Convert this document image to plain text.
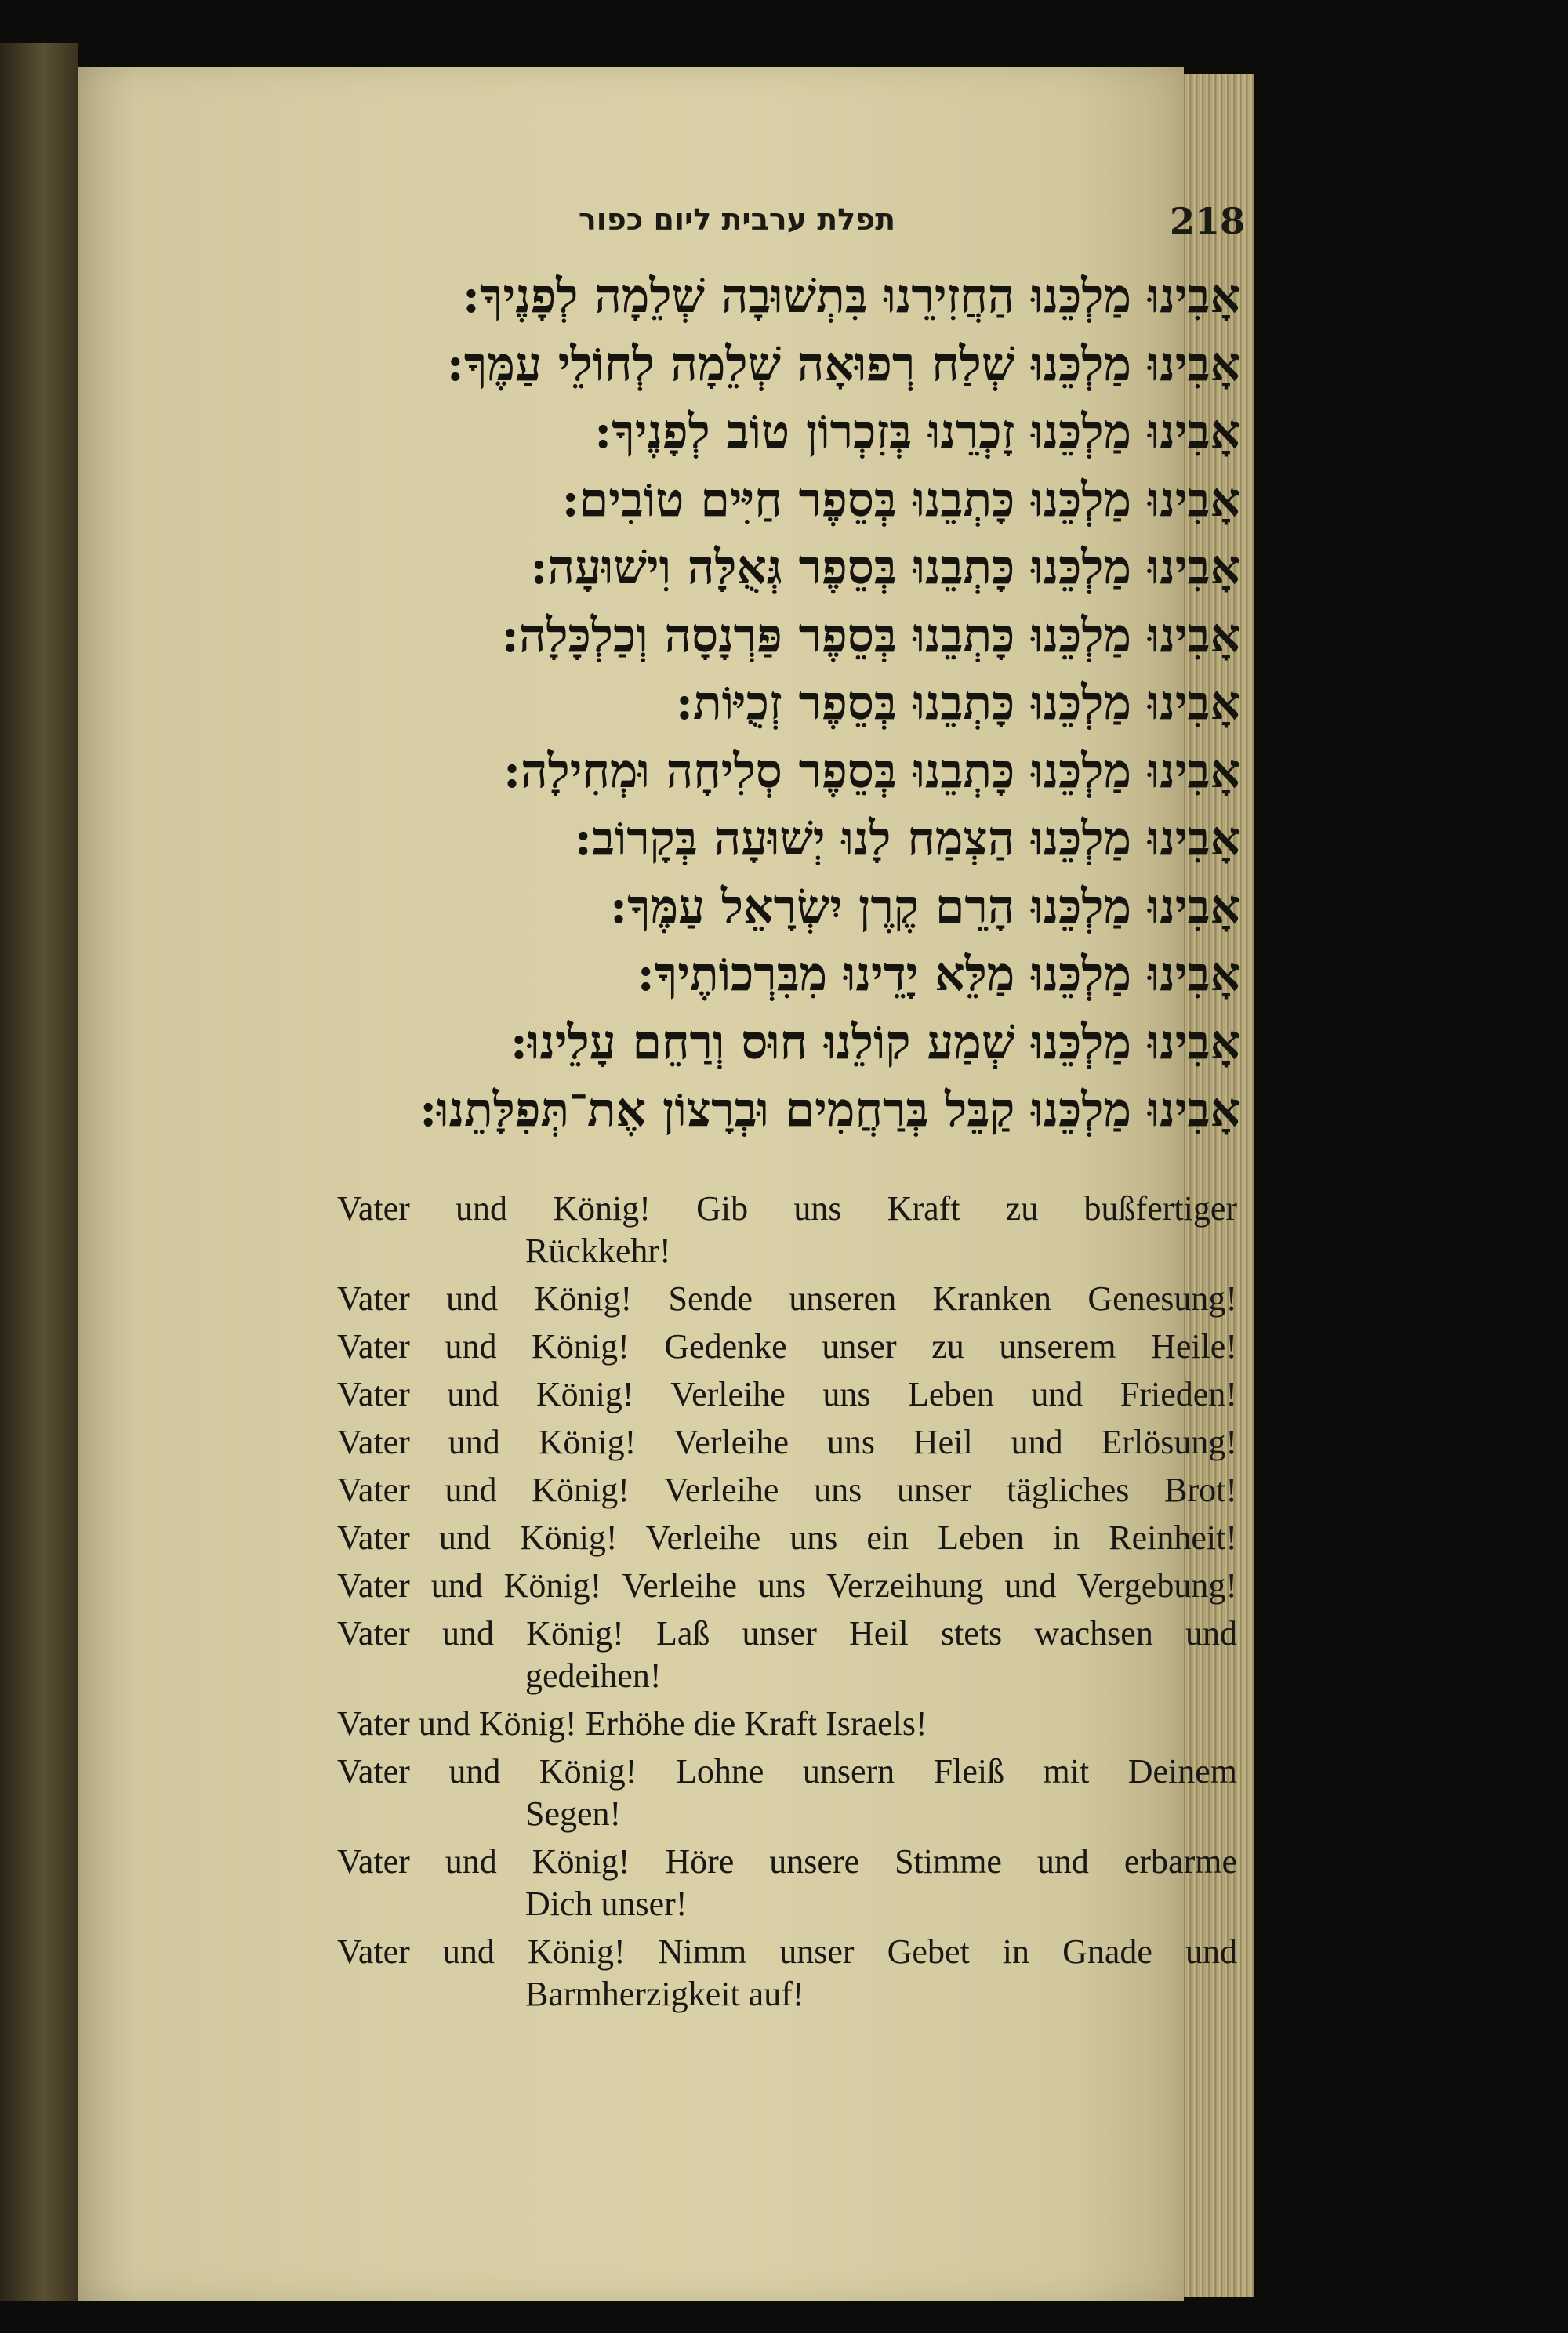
תפלת ערבית ליום כפור	218
אָבִינוּ מַלְכֵּנוּ הַחֲזִירֵנוּ בִּתְשׁוּבָה שְׁלֵמָה לְפָנֶיךָ:
אָבִינוּ מַלְכֵּנוּ שְׁלַח רְפוּאָה שְׁלֵמָה לְחוֹלֵי עַמֶּךָ:
אָבִינוּ מַלְכֵּנוּ זָכְרֵנוּ בְּזִכְרוֹן טוֹב לְפָנֶיךָ:
אָבִינוּ מַלְכֵּנוּ כָּתְבֵנוּ בְּסֵפֶר חַיִּים טוֹבִים:
אָבִינוּ מַלְכֵּנוּ כָּתְבֵנוּ בְּסֵפֶר גְּאֻלָּה וִישׁוּעָה:
אָבִינוּ מַלְכֵּנוּ כָּתְבֵנוּ בְּסֵפֶר פַּרְנָסָה וְכַלְכָּלָה:
אָבִינוּ מַלְכֵּנוּ כָּתְבֵנוּ בְּסֵפֶר זְכֻיּוֹת:
אָבִינוּ מַלְכֵּנוּ כָּתְבֵנוּ בְּסֵפֶר סְלִיחָה וּמְחִילָה:
אָבִינוּ מַלְכֵּנוּ הַצְמַח לָנוּ יְשׁוּעָה בְּקָרוֹב:
אָבִינוּ מַלְכֵּנוּ הָרֵם קֶרֶן יִשְׂרָאֵל עַמֶּךָ:
אָבִינוּ מַלְכֵּנוּ מַלֵּא יָדֵינוּ מִבִּרְכוֹתֶיךָ:
אָבִינוּ מַלְכֵּנוּ שְׁמַע קוֹלֵנוּ חוּס וְרַחֵם עָלֵינוּ:
אָבִינוּ מַלְכֵּנוּ קַבֵּל בְּרַחֲמִים וּבְרָצוֹן אֶת־תְּפִלָּתֵנוּ:
Vater und König! Gib uns Kraft zu bußfertiger
Rückkehr!
Vater und König! Sende unseren Kranken Genesung!
Vater und König! Gedenke unser zu unserem Heile!
Vater und König! Verleihe uns Leben und Frieden!
Vater und König! Verleihe uns Heil und Erlösung!
Vater und König! Verleihe uns unser tägliches Brot!
Vater und König! Verleihe uns ein Leben in Reinheit!
Vater und König! Verleihe uns Verzeihung und Vergebung!
Vater und König! Laß unser Heil stets wachsen und
gedeihen!
Vater und König! Erhöhe die Kraft Israels!
Vater und König! Lohne unsern Fleiß mit Deinem
Segen!
Vater und König! Höre unsere Stimme und erbarme
Dich unser!
Vater und König! Nimm unser Gebet in Gnade und
Barmherzigkeit auf!
